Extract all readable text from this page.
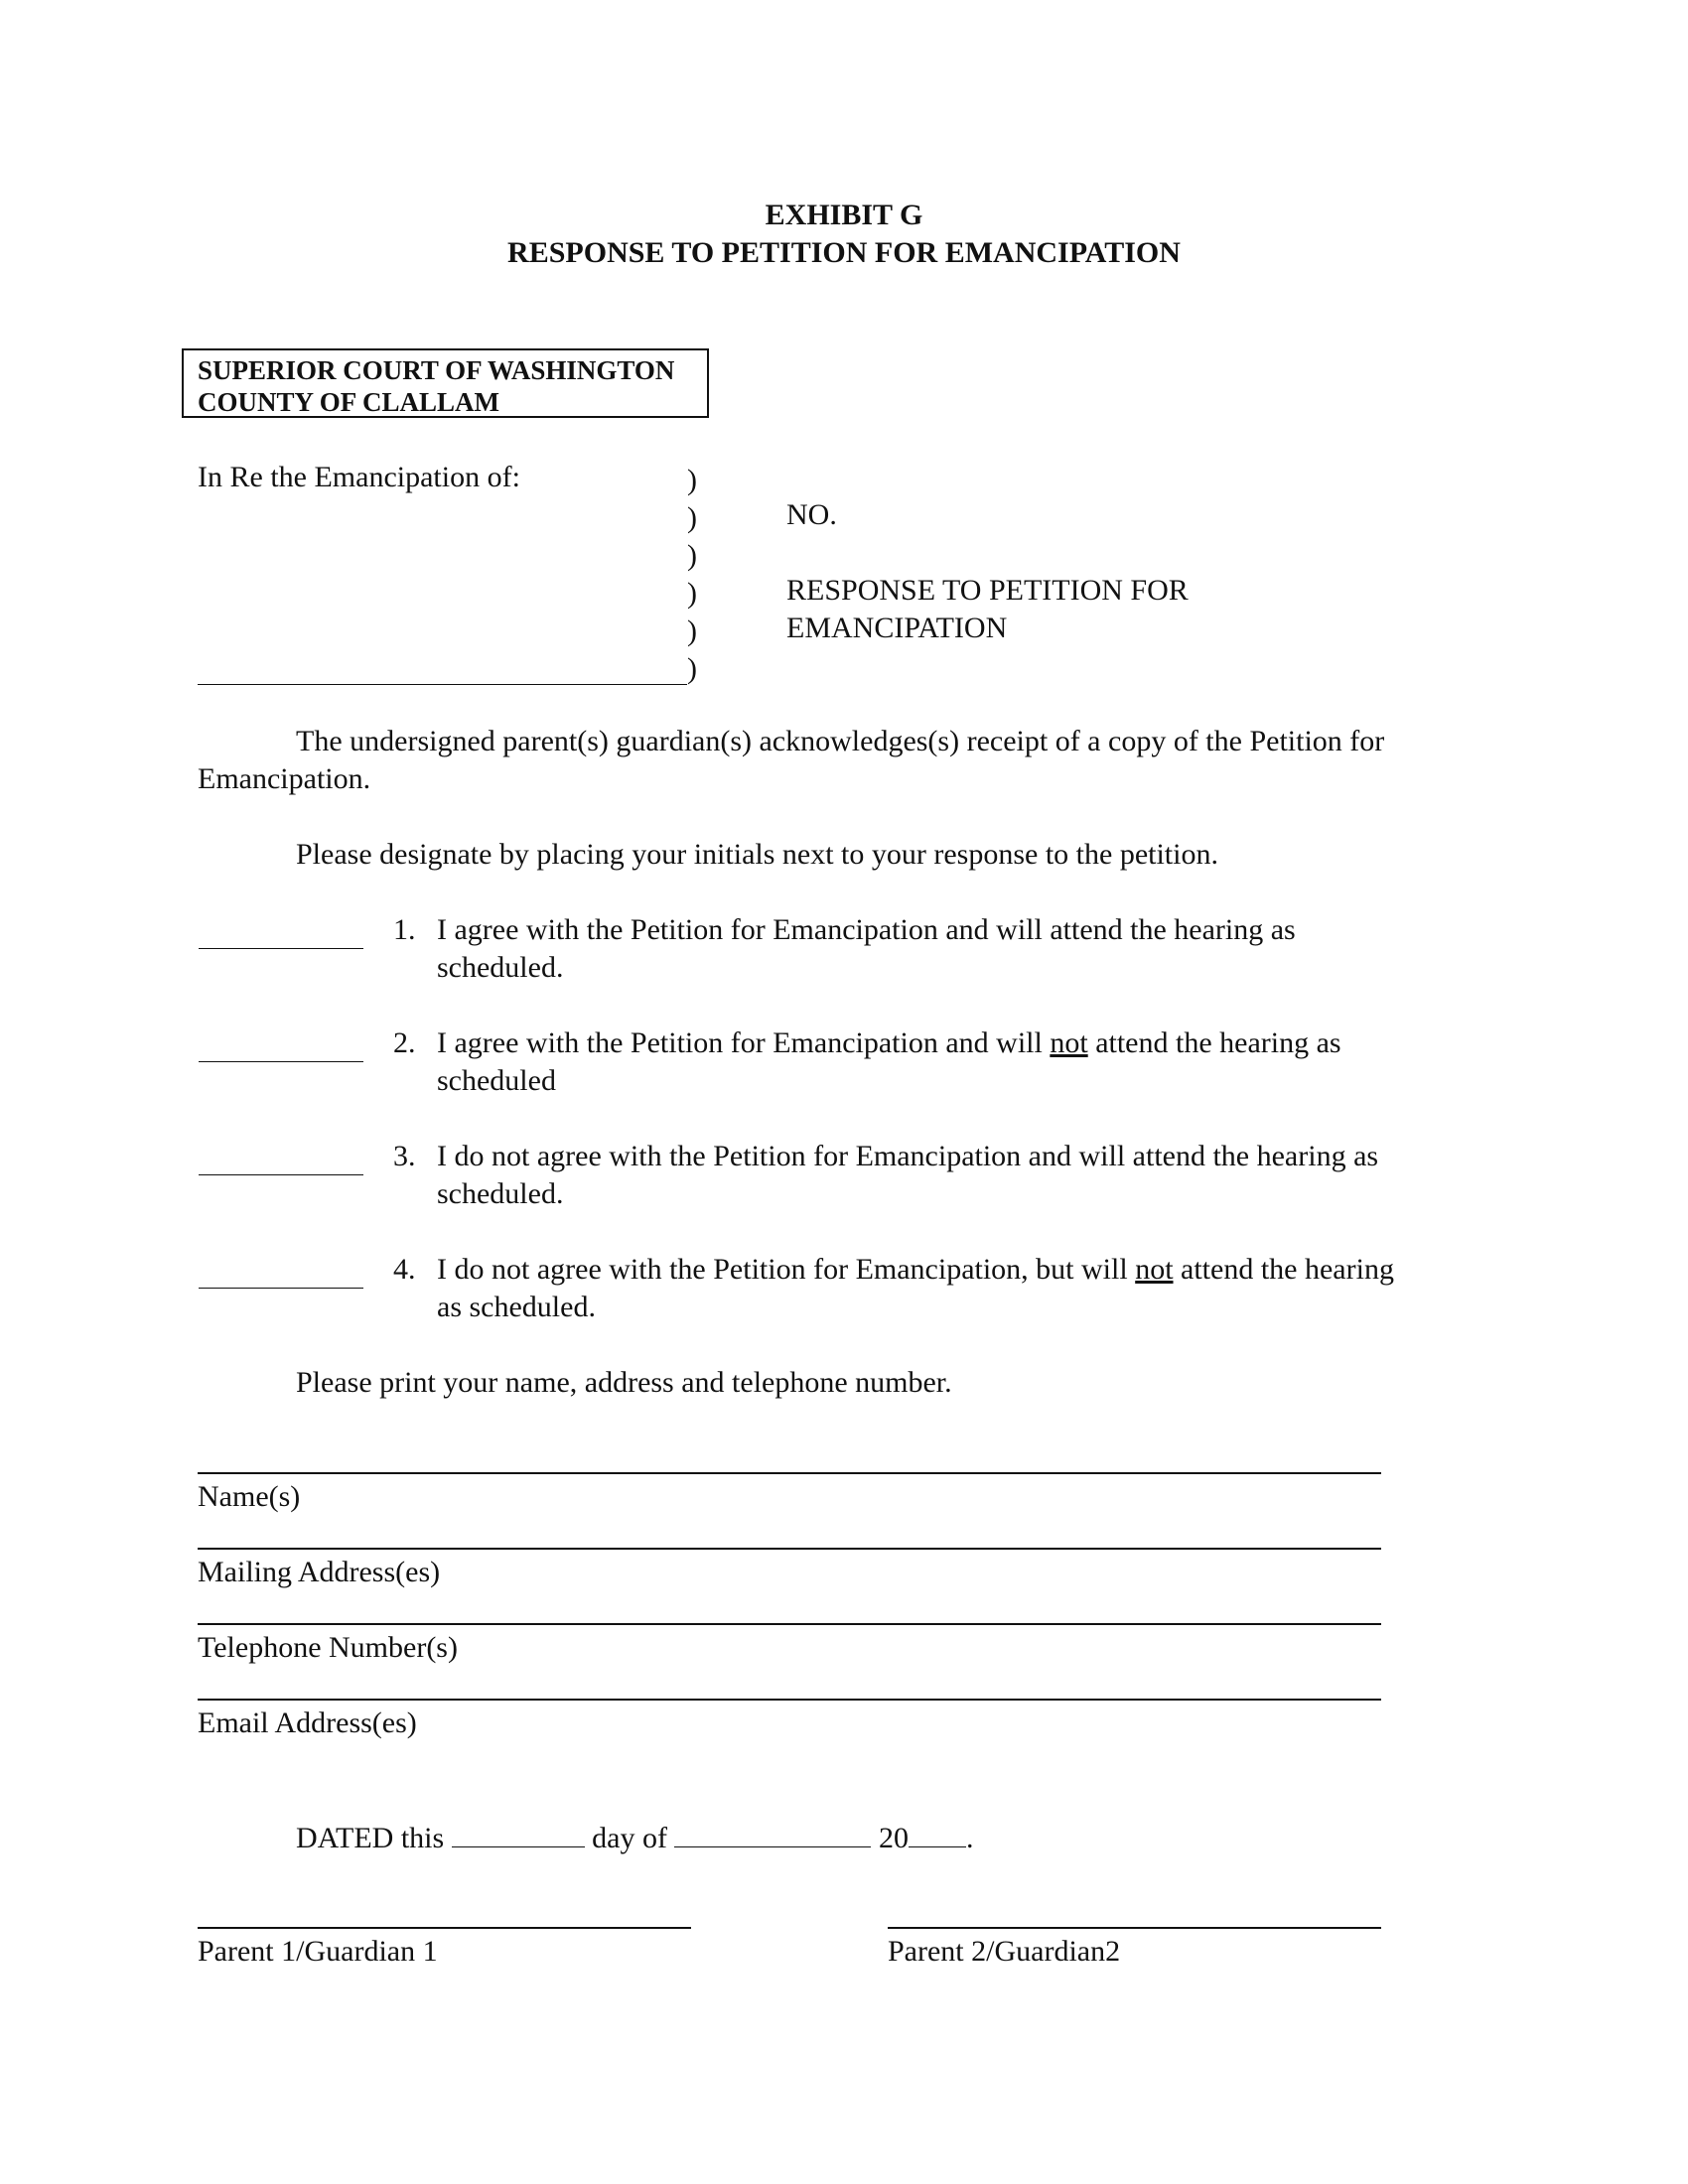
EXHIBIT G
RESPONSE TO PETITION FOR EMANCIPATION
SUPERIOR COURT OF WASHINGTON
COUNTY OF CLALLAM
In Re the Emancipation of:	)
)
)
)
)
)
NO.
RESPONSE TO PETITION FOR
EMANCIPATION
The undersigned parent(s) guardian(s) acknowledges(s) receipt of a copy of the Petition for
Emancipation.
Please designate by placing your initials next to your response to the petition.
1. I agree with the Petition for Emancipation and will attend the hearing as
scheduled.
2. I agree with the Petition for Emancipation and will not attend the hearing as
scheduled
3. I do not agree with the Petition for Emancipation and will attend the hearing as
scheduled.
4. I do not agree with the Petition for Emancipation, but will not attend the hearing
as scheduled.
Please print your name, address and telephone number.
Name(s)
Mailing Address(es)
Telephone Number(s)
Email Address(es)
DATED this	day of	20 .
Parent 1/Guardian 1	Parent 2/Guardian2
